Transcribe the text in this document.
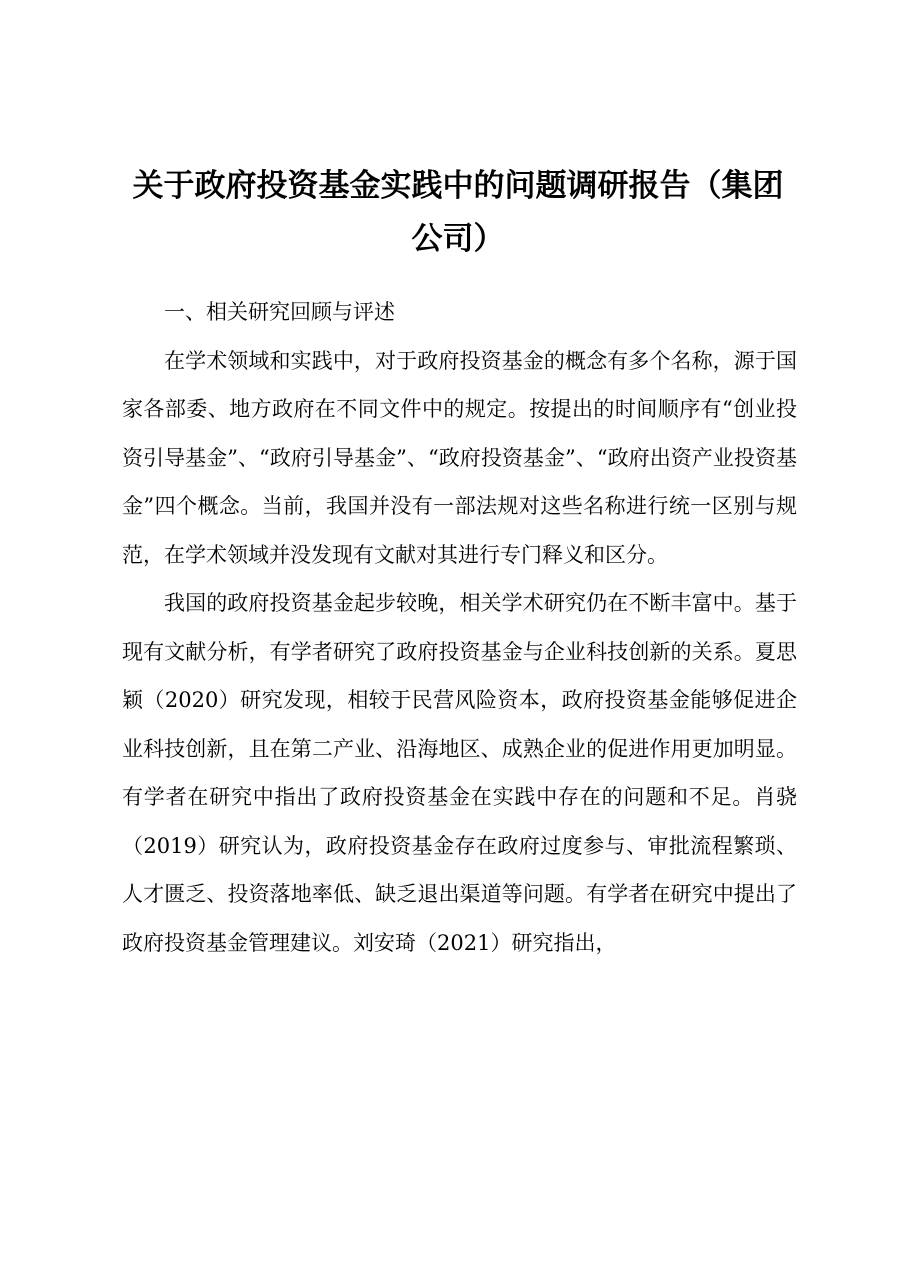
关于政府投资基金实践中的问题调研报告（集团公司）

一、相关研究回顾与评述

在学术领域和实践中，对于政府投资基金的概念有多个名称，源于国家各部委、地方政府在不同文件中的规定。按提出的时间顺序有“创业投资引导基金”、“政府引导基金”、“政府投资基金”、“政府出资产业投资基金”四个概念。当前，我国并没有一部法规对这些名称进行统一区别与规范，在学术领域并没发现有文献对其进行专门释义和区分。

我国的政府投资基金起步较晚，相关学术研究仍在不断丰富中。基于现有文献分析，有学者研究了政府投资基金与企业科技创新的关系。夏思颖（2020）研究发现，相较于民营风险资本，政府投资基金能够促进企业科技创新，且在第二产业、沿海地区、成熟企业的促进作用更加明显。有学者在研究中指出了政府投资基金在实践中存在的问题和不足。肖骁（2019）研究认为，政府投资基金存在政府过度参与、审批流程繁琐、人才匮乏、投资落地率低、缺乏退出渠道等问题。有学者在研究中提出了政府投资基金管理建议。刘安琦（2021）研究指出，
